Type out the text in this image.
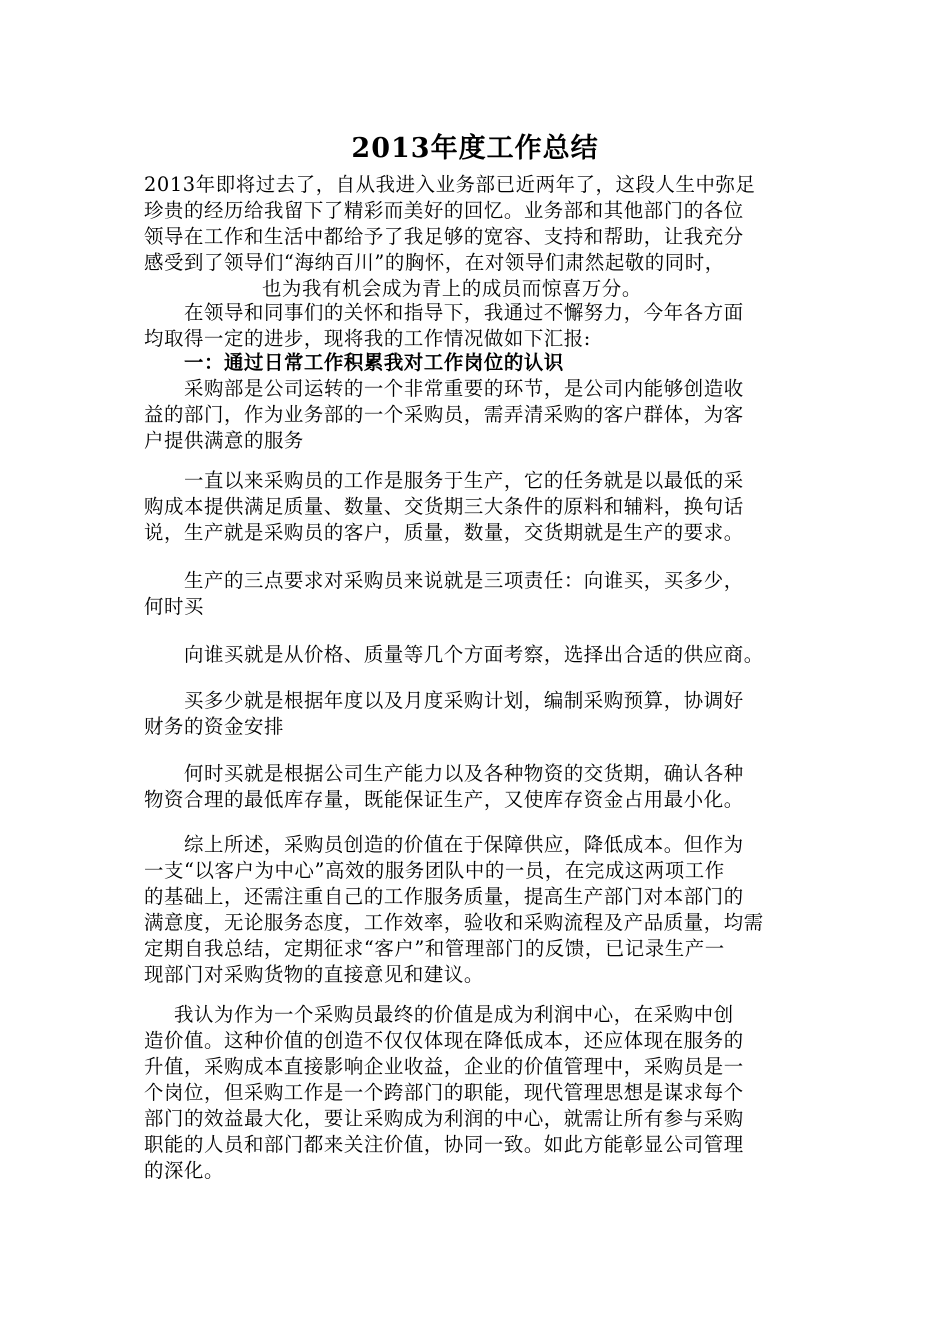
2013年度工作总结
2013年即将过去了，自从我进入业务部已近两年了，这段人生中弥足
珍贵的经历给我留下了精彩而美好的回忆。业务部和其他部门的各位
领导在工作和生活中都给予了我足够的宽容、支持和帮助，让我充分
感受到了领导们“海纳百川”的胸怀，在对领导们肃然起敬的同时，
也为我有机会成为青上的成员而惊喜万分。
在领导和同事们的关怀和指导下，我通过不懈努力，今年各方面
均取得一定的进步，现将我的工作情况做如下汇报:
一：通过日常工作积累我对工作岗位的认识
采购部是公司运转的一个非常重要的环节，是公司内能够创造收
益的部门，作为业务部的一个采购员，需弄清采购的客户群体，为客
户提供满意的服务
一直以来采购员的工作是服务于生产，它的任务就是以最低的采
购成本提供满足质量、数量、交货期三大条件的原料和辅料，换句话
说，生产就是采购员的客户，质量，数量，交货期就是生产的要求。
生产的三点要求对采购员来说就是三项责任：向谁买，买多少，
何时买
向谁买就是从价格、质量等几个方面考察，选择出合适的供应商。
买多少就是根据年度以及月度采购计划，编制采购预算，协调好
财务的资金安排
何时买就是根据公司生产能力以及各种物资的交货期，确认各种
物资合理的最低库存量，既能保证生产，又使库存资金占用最小化。
综上所述，采购员创造的价值在于保障供应，降低成本。但作为
一支“以客户为中心”高效的服务团队中的一员，在完成这两项工作
的基础上，还需注重自己的工作服务质量，提高生产部门对本部门的
满意度，无论服务态度，工作效率，验收和采购流程及产品质量，均需
定期自我总结，定期征求“客户”和管理部门的反馈，已记录生产一
现部门对采购货物的直接意见和建议。
我认为作为一个采购员最终的价值是成为利润中心，在采购中创
造价值。这种价值的创造不仅仅体现在降低成本，还应体现在服务的
升值，采购成本直接影响企业收益，企业的价值管理中，采购员是一
个岗位，但采购工作是一个跨部门的职能，现代管理思想是谋求每个
部门的效益最大化，要让采购成为利润的中心，就需让所有参与采购
职能的人员和部门都来关注价值，协同一致。如此方能彰显公司管理
的深化。
